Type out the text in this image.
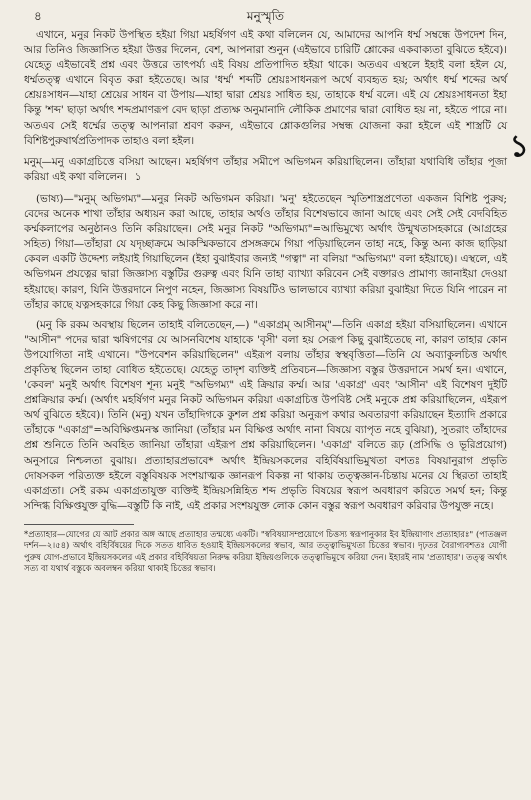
৪	মনুস্মৃতি

এখানে, মনুর নিকট উপস্থিত হইয়া গিয়া মহর্ষিগণ এই কথা বলিলেন যে, আমাদের আপনি ধর্ম্ম সম্বন্ধে উপদেশ দিন, আর তিনিও জিজ্ঞাসিত হইয়া উত্তর দিলেন, বেশ, আপনারা শুনুন (এইভাবে চারিটি শ্লোকের একবাক্যতা বুঝিতে হইবে)। যেহেতু এইভাবেই প্রশ্ন এবং উত্তরে তাৎপর্য্য এই বিষয় প্রতিপাদিত হইয়া থাকে। অতএব এস্থলে ইহাই বলা হইল যে, ধর্ম্মতত্ত্ব এখানে বিবৃত করা হইতেছে। আর 'ধর্ম্ম' শব্দটি শ্রেয়ঃসাধনরূপ অর্থে ব্যবহৃত হয়; অর্থাৎ ধর্ম্ম শব্দের অর্থ শ্রেয়ঃসাধন—যাহা শ্রেয়ের সাধন বা উপায়—যাহা দ্বারা শ্রেয়ঃ সাধিত হয়, তাহাকে ধর্ম্ম বলে। এই যে শ্রেয়ঃসাধনতা ইহা কিন্তু 'শব্দ' ছাড়া অর্থাৎ শব্দপ্রমাণরূপ বেদ ছাড়া প্রত্যক্ষ অনুমানাদি লৌকিক প্রমাণের দ্বারা বোধিত হয় না, হইতে পারে না। অতএব সেই ধর্ম্মের তত্ত্ব আপনারা শ্রবণ করুন, এইভাবে শ্লোকগুলির সম্বন্ধ যোজনা করা হইলে এই শাস্ত্রটি যে বিশিষ্টপুরুষার্থপ্রতিপাদক তাহাও বলা হইল।

মনুম্—মনু একাগ্রচিত্তে বসিয়া আছেন। মহর্ষিগণ তাঁহার সমীপে অভিগমন করিয়াছিলেন। তাঁহারা যথাবিধি তাঁহার পূজা করিয়া এই কথা বলিলেন। ১

(ভাষ্য)—"মনুম্ অভিগম্য"—মনুর নিকট অভিগমন করিয়া। 'মনু' হইতেছেন স্মৃতিশাস্ত্রপ্রণেতা একজন বিশিষ্ট পুরুষ; বেদের অনেক শাখা তাঁহার অধ্যয়ন করা আছে, তাহার অর্থও তাঁহার বিশেষভাবে জানা আছে এবং সেই সেই বেদবিহিত কর্ম্মকলাপের অনুষ্ঠানও তিনি করিয়াছেন। সেই মনুর নিকট "অভিগম্য"=আভিমুখ্যে অর্থাৎ উন্মুখতাসহকারে (আগ্রহের সহিত) গিয়া—তাঁহারা যে যদৃচ্ছাক্রমে আকস্মিকভাবে প্রসঙ্গক্রমে গিয়া পড়িয়াছিলেন তাহা নহে, কিন্তু অন্য কাজ ছাড়িয়া কেবল একটি উদ্দেশ্য লইয়াই গিয়াছিলেন (ইহা বুঝাইবার জন্যই "গত্বা" না বলিয়া "অভিগম্য" বলা হইয়াছে)। এস্থলে, এই অভিগমন প্রযত্নের দ্বারা জিজ্ঞাস্য বস্তুটির গুরুত্ব এবং যিনি তাহা ব্যাখ্যা করিবেন সেই বক্তারও প্রামাণ্য জানাইয়া দেওয়া হইয়াছে। কারণ, যিনি উত্তরদানে নিপুণ নহেন, জিজ্ঞাস্য বিষয়টিও ভালভাবে ব্যাখ্যা করিয়া বুঝাইয়া দিতে যিনি পারেন না তাঁহার কাছে যত্নসহকারে গিয়া কেহ কিছু জিজ্ঞাসা করে না।

(মনু কি রকম অবস্থায় ছিলেন তাহাই বলিতেছেন,—) "একাগ্রম্ আসীনম্"—তিনি একাগ্র হইয়া বসিয়াছিলেন। এখানে "আসীন" পদের দ্বারা ঋষিগণের যে আসনবিশেষ যাহাকে 'বৃসী' বলা হয় সেরূপ কিছু বুঝাইতেছে না, কারণ তাহার কোন উপযোগিতা নাই এখানে। "উপবেশন করিয়াছিলেন" এইরূপ বলায় তাঁহার স্বস্থবৃত্তিতা—তিনি যে অব্যাকুলচিত্ত অর্থাৎ প্রকৃতিস্থ ছিলেন তাহা বোধিত হইতেছে। যেহেতু তাদৃশ ব্যক্তিই প্রতিবচন—জিজ্ঞাস্য বস্তুর উত্তরদানে সমর্থ হন। এখানে, 'কেবল' মনুই অর্থাৎ বিশেষণ শূন্য মনুই "অভিগম্য" এই ক্রিয়ার কর্ম্ম। আর 'একাগ্র' এবং 'আসীন' এই বিশেষণ দুইটি প্রশ্নক্রিয়ার কর্ম্ম। (অর্থাৎ মহর্ষিগণ মনুর নিকট অভিগমন করিয়া একাগ্রচিত্ত উপবিষ্ট সেই মনুকে প্রশ্ন করিয়াছিলেন, এইরূপ অর্থ বুঝিতে হইবে)। তিনি (মনু) যখন তাঁহাদিগকে কুশল প্রশ্ন করিয়া অনুরূপ কথার অবতারণা করিয়াছেন ইত্যাদি প্রকারে তাঁহাকে "একাগ্র"=অবিক্ষিপ্তমনস্ক জানিয়া (তাঁহার মন বিক্ষিপ্ত অর্থাৎ নানা বিষয়ে ব্যাপৃত নহে বুঝিয়া), সুতরাং তাঁহাদের প্রশ্ন শুনিতে তিনি অবহিত জানিয়া তাঁহারা এইরূপ প্রশ্ন করিয়াছিলেন। 'একাগ্র' বলিতে রূঢ় (প্রসিদ্ধি ও ভূরিপ্রয়োগ) অনুসারে নিশ্চলতা বুঝায়। প্রত্যাহারপ্রভাবে* অর্থাৎ ইন্দ্রিয়সকলের বহির্বিষয়াভিমুখতা বশতঃ বিষয়ানুরাগ প্রভৃতি দোষসকল পরিত্যক্ত হইলে বস্তুবিষয়ক সংশয়াত্মক জ্ঞানরূপ বিকল্প না থাকায় তত্ত্বজ্ঞান-চিন্তায় মনের যে স্থিরতা তাহাই একাগ্রতা। সেই রকম একাগ্রতাযুক্ত ব্যক্তিই ইন্দ্রিয়সন্নিহিত শব্দ প্রভৃতি বিষয়ের স্বরূপ অবধারণ করিতে সমর্থ হন; কিন্তু সন্দিগ্ধ বিক্ষিপ্তযুক্ত বুদ্ধি—বস্তুটি কি নাই, এই প্রকার সংশয়যুক্ত লোক কোন বস্তুর স্বরূপ অবধারণ করিবার উপযুক্ত নহে।

*প্রত্যাহার—যোগের যে আট প্রকার অঙ্গ আছে প্রত্যাহার তন্মধ্যে একটি। "স্ববিষয়াসম্প্রয়োগে চিত্তস্য স্বরূপানুকার ইব ইন্দ্রিয়াণাং প্রত্যাহারঃ" (পাতঞ্জল দর্শন—২।৫৪) অর্থাৎ বহির্বিষয়ের দিকে সতত ধাবিত হওয়াই ইন্দ্রিয়সকলের স্বভাব, আর তত্ত্বাভিমুখতা চিত্তের স্বভাব। দৃঢ়তর বৈরাগ্যবশতঃ যোগী পুরুষ যোগ-প্রভাবে ইন্দ্রিয়সকলের এই প্রকার বহির্বিষয়তা নিরুদ্ধ করিয়া ইন্দ্রিয়গুলিকে তত্ত্বাভিমুখে করিয়া দেন। ইহারই নাম 'প্রত্যাহার'। তত্ত্ব অর্থাৎ সত্য বা যথার্থ বস্তুকে অবলম্বন করিয়া থাকাই চিত্তের স্বভাব।

১
